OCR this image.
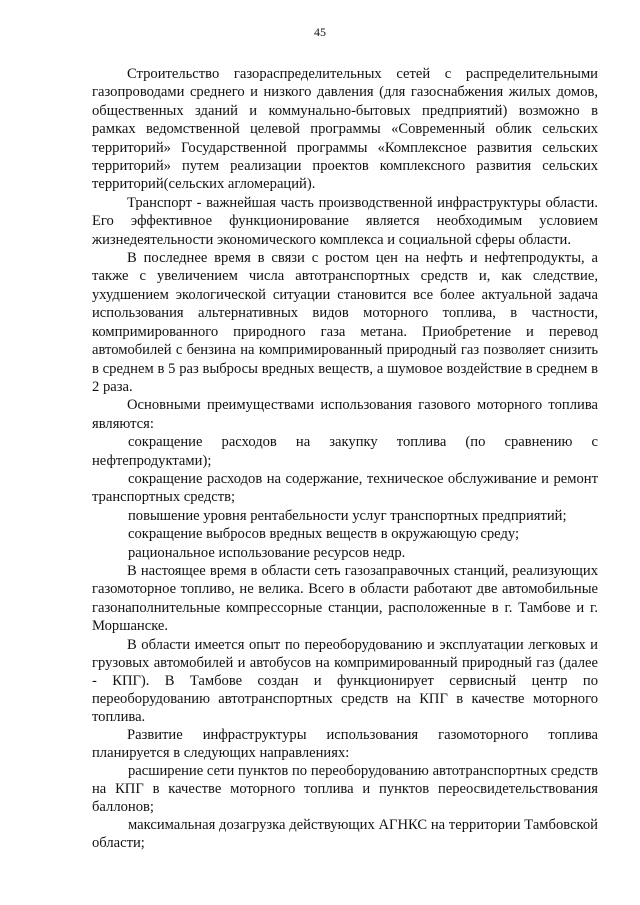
45

Строительство газораспределительных сетей с распределительными газопроводами среднего и низкого давления (для газоснабжения жилых домов, общественных зданий и коммунально-бытовых предприятий) возможно в рамках ведомственной целевой программы «Современный облик сельских территорий» Государственной программы «Комплексное развития сельских территорий» путем реализации проектов комплексного развития сельских территорий(сельских агломераций).

Транспорт - важнейшая часть производственной инфраструктуры области. Его эффективное функционирование является необходимым условием жизнедеятельности экономического комплекса и социальной сферы области.

В последнее время в связи с ростом цен на нефть и нефтепродукты, а также с увеличением числа автотранспортных средств и, как следствие, ухудшением экологической ситуации становится все более актуальной задача использования альтернативных видов моторного топлива, в частности, компримированного природного газа метана. Приобретение и перевод автомобилей с бензина на компримированный природный газ позволяет снизить в среднем в 5 раз выбросы вредных веществ, а шумовое воздействие в среднем в 2 раза.

Основными преимуществами использования газового моторного топлива являются:

сокращение расходов на закупку топлива (по сравнению с нефтепродуктами);

сокращение расходов на содержание, техническое обслуживание и ремонт транспортных средств;

повышение уровня рентабельности услуг транспортных предприятий;

сокращение выбросов вредных веществ в окружающую среду;

рациональное использование ресурсов недр.

В настоящее время в области сеть газозаправочных станций, реализующих газомоторное топливо, не велика. Всего в области работают две автомобильные газонаполнительные компрессорные станции, расположенные в г. Тамбове и г. Моршанске.

В области имеется опыт по переоборудованию и эксплуатации легковых и грузовых автомобилей и автобусов на компримированный природный газ (далее - КПГ). В Тамбове создан и функционирует сервисный центр по переоборудованию автотранспортных средств на КПГ в качестве моторного топлива.

Развитие инфраструктуры использования газомоторного топлива планируется в следующих направлениях:

расширение сети пунктов по переоборудованию автотранспортных средств на КПГ в качестве моторного топлива и пунктов переосвидетельствования баллонов;

максимальная дозагрузка действующих АГНКС на территории Тамбовской области;
